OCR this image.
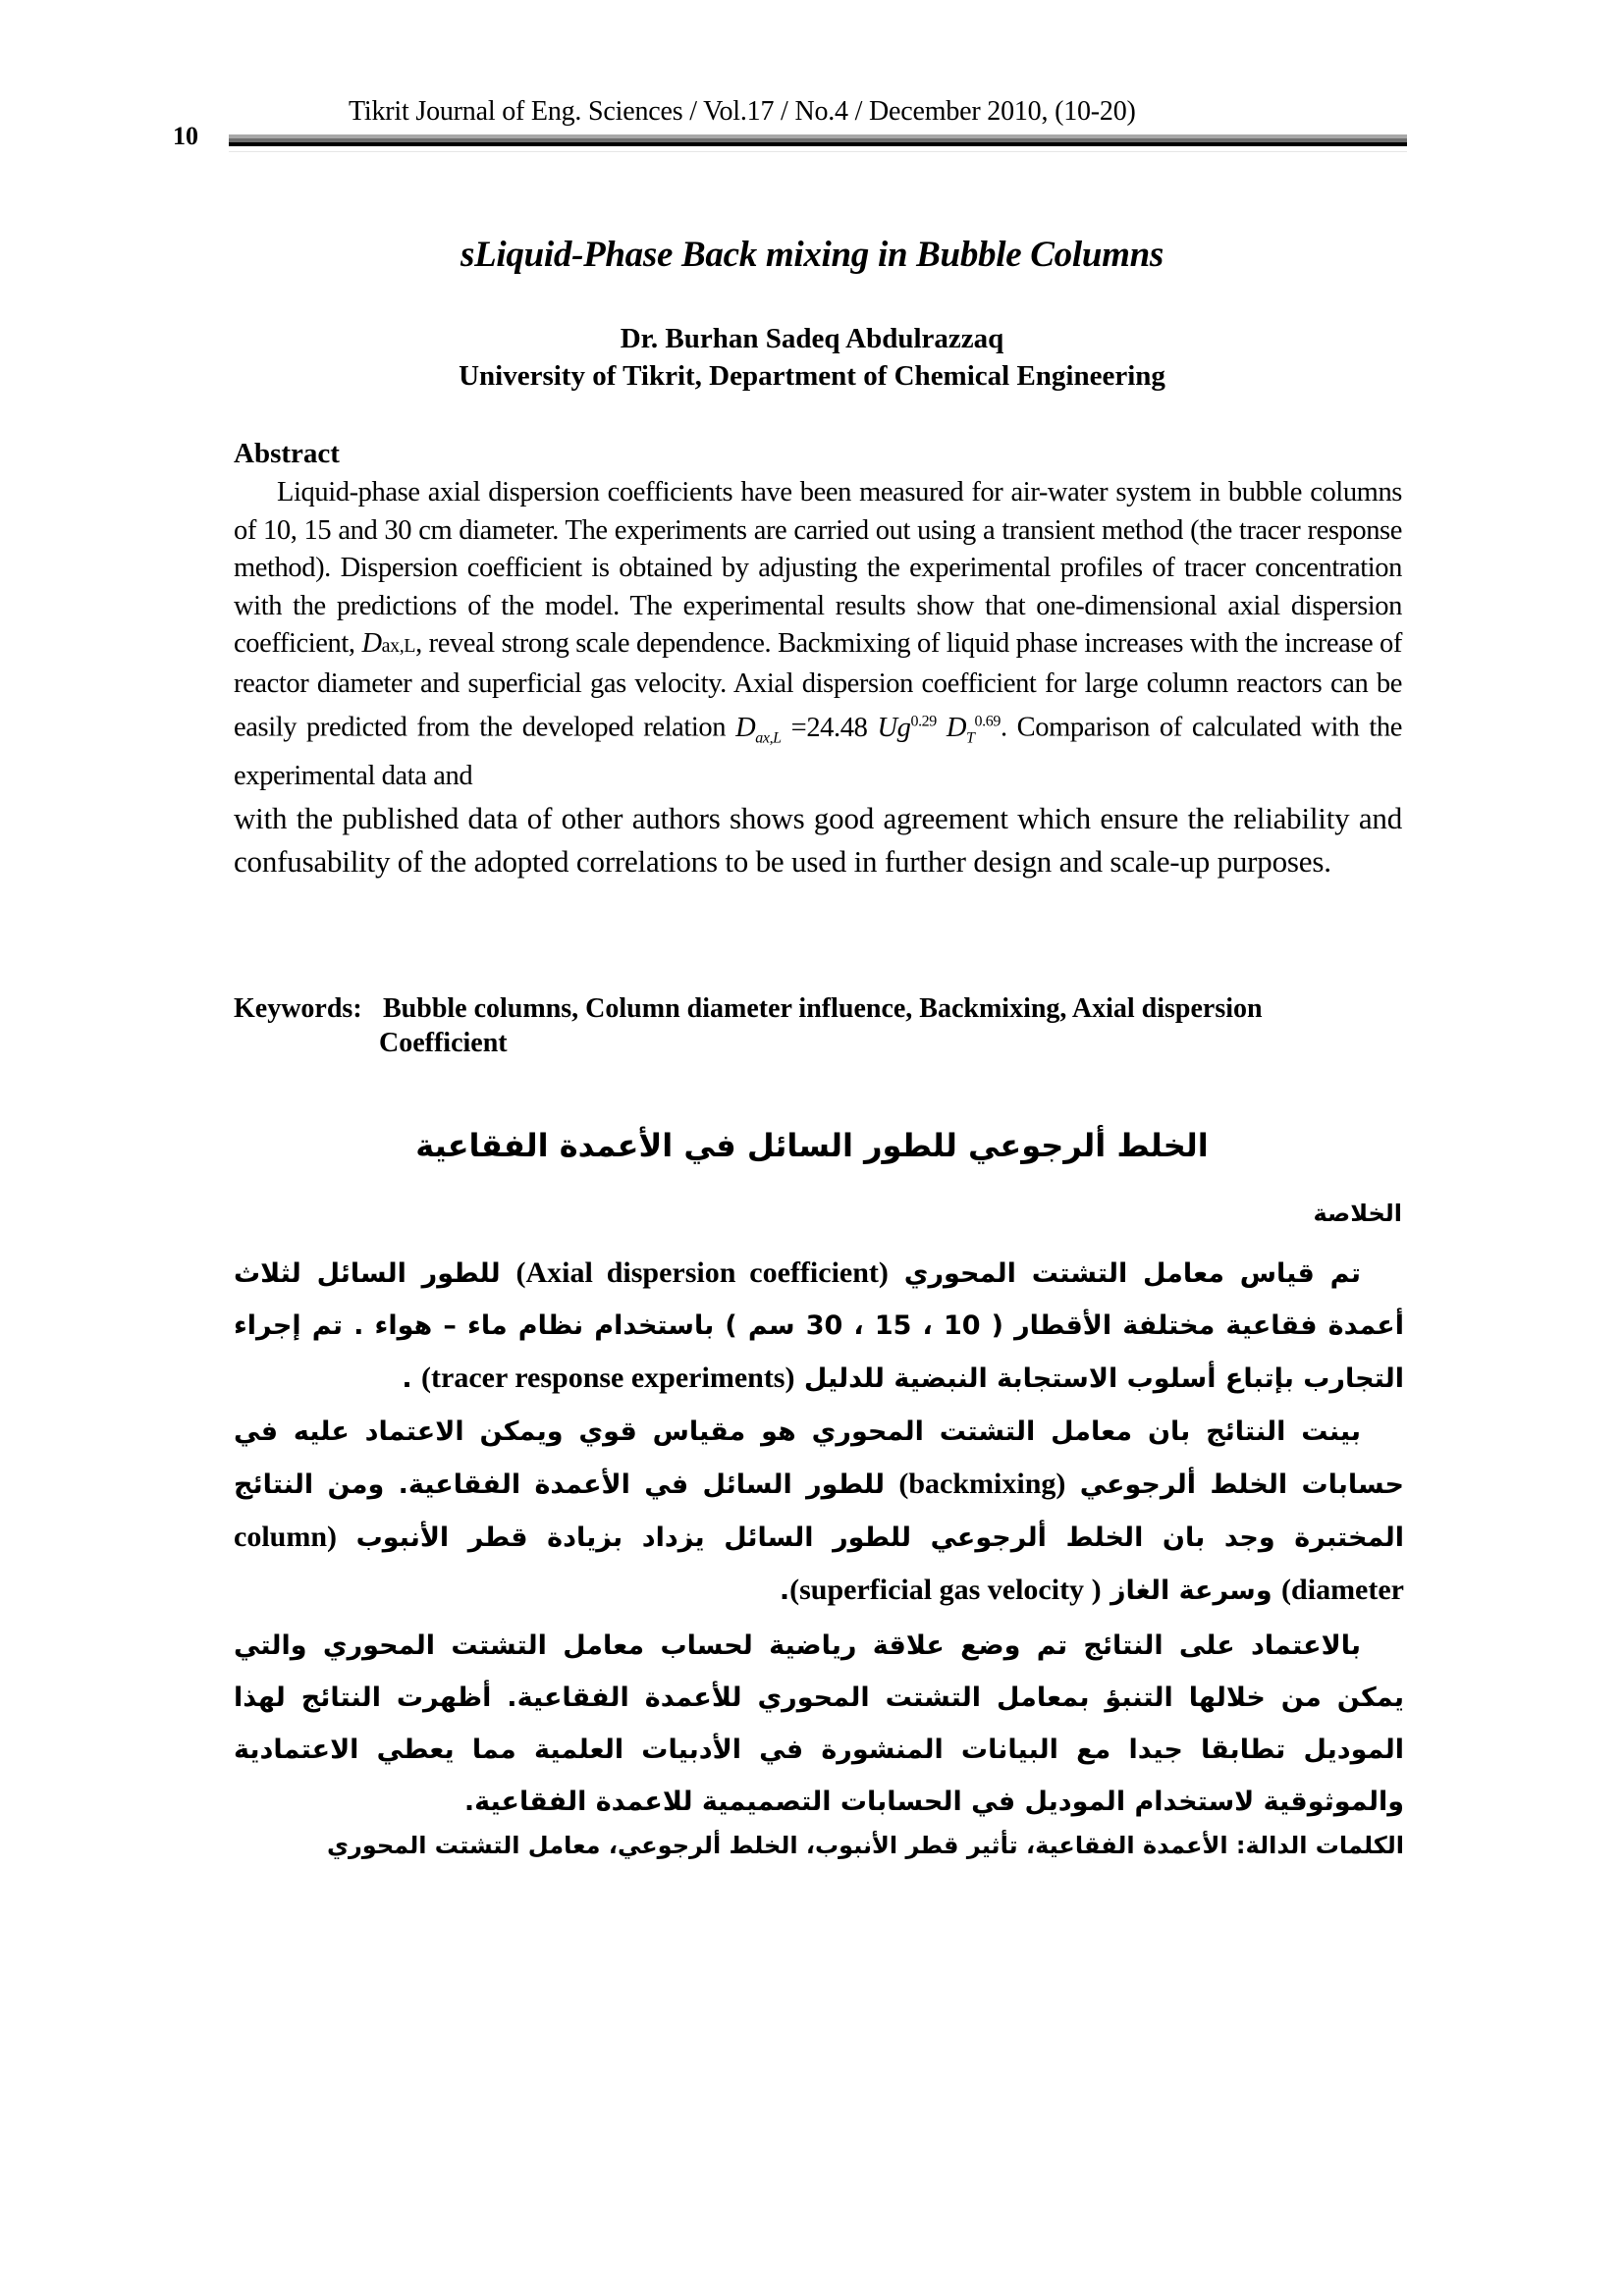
10
Tikrit Journal of Eng. Sciences / Vol.17 / No.4 / December 2010, (10-20)
sLiquid-Phase Back mixing in Bubble Columns
Dr. Burhan Sadeq Abdulrazzaq
University of Tikrit, Department of Chemical Engineering
Abstract
Liquid-phase axial dispersion coefficients have been measured for air-water system in bubble columns of 10, 15 and 30 cm diameter. The experiments are carried out using a transient method (the tracer response method). Dispersion coefficient is obtained by adjusting the experimental profiles of tracer concentration with the predictions of the model. The experimental results show that one-dimensional axial dispersion coefficient, Dax,L, reveal strong scale dependence. Backmixing of liquid phase increases with the increase of reactor diameter and superficial gas velocity. Axial dispersion coefficient for large column reactors can be easily predicted from the developed relation $D_{ax,L} =24.48$ $Ug^{0.29}$ $D_T^{0.69}$. Comparison of calculated with the experimental data and
with the published data of other authors shows good agreement which ensure the reliability and confusability of the adopted correlations to be used in further design and scale-up purposes.
Keywords: Bubble columns, Column diameter influence, Backmixing, Axial dispersion
Coefficient
الخلط ألرجوعي للطور السائل في الأعمدة الفقاعية
الخلاصة
تم قياس معامل التشتت المحوري (Axial dispersion coefficient) للطور السائل لثلاث أعمدة فقاعية مختلفة الأقطار ( 10 ، 15 ، 30 سم ) باستخدام نظام ماء – هواء . تم إجراء التجارب بإتباع أسلوب الاستجابة النبضية للدليل (tracer response experiments) .
بينت النتائج بان معامل التشتت المحوري هو مقياس قوي ويمكن الاعتماد عليه في حسابات الخلط ألرجوعي (backmixing) للطور السائل في الأعمدة الفقاعية. ومن النتائج المختبرة وجد بان الخلط ألرجوعي للطور السائل يزداد بزيادة قطر الأنبوب (column diameter) وسرعة الغاز ( superficial gas velocity).
بالاعتماد على النتائج تم وضع علاقة رياضية لحساب معامل التشتت المحوري والتي يمكن من خلالها التنبؤ بمعامل التشتت المحوري للأعمدة الفقاعية. أظهرت النتائج لهذا الموديل تطابقا جيدا مع البيانات المنشورة في الأدبيات العلمية مما يعطي الاعتمادية والموثوقية لاستخدام الموديل في الحسابات التصميمية للاعمدة الفقاعية.
الكلمات الدالة: الأعمدة الفقاعية، تأثير قطر الأنبوب، الخلط ألرجوعي، معامل التشتت المحوري
